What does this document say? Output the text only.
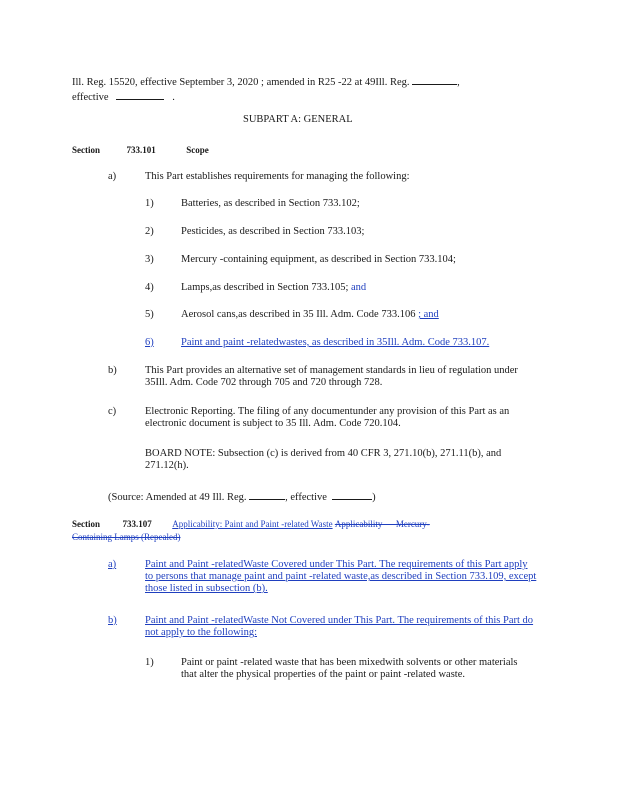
Ill. Reg. 15520, effective September 3, 2020 ; amended in R25 -22 at 49Ill. Reg.	,
effective	.
SUBPART A: GENERAL
Section	733.101	Scope
a)	This Part establishes requirements for managing the following:
1)	Batteries, as described in Section 733.102;
2)	Pesticides, as described in Section 733.103;
3)	Mercury -containing equipment, as described in Section 733.104;
4)	Lamps,as described in Section 733.105; and
5)	Aerosol cans,as described in 35 Ill. Adm. Code 733.106 ; and
6)	Paint and paint -relatedwastes, as described in 35Ill. Adm. Code 733.107.
b)	This Part provides an alternative set of management standards in lieu of regulation under 35Ill. Adm. Code 702 through 705 and 720 through 728.
c)	Electronic Reporting. The filing of any documentunder any provision of this Part as an electronic document is subject to 35 Ill. Adm. Code 720.104.
BOARD NOTE: Subsection (c) is derived from 40 CFR 3, 271.10(b), 271.11(b), and 271.12(h).
(Source: Amended at 49 Ill. Reg.	, effective	)
Section	733.107 Applicability: Paint and Paint -related Waste Applicability — Mercury-
Containing Lamps (Repealed)
a)	Paint and Paint -relatedWaste Covered under This Part. The requirements of this Part apply to persons that manage paint and paint -related waste,as described in Section 733.109, except those listed in subsection (b).
b)	Paint and Paint -relatedWaste Not Covered under This Part. The requirements of this Part do not apply to the following:
1)	Paint or paint -related waste that has been mixedwith solvents or other materials that alter the physical properties of the paint or paint -related waste.
